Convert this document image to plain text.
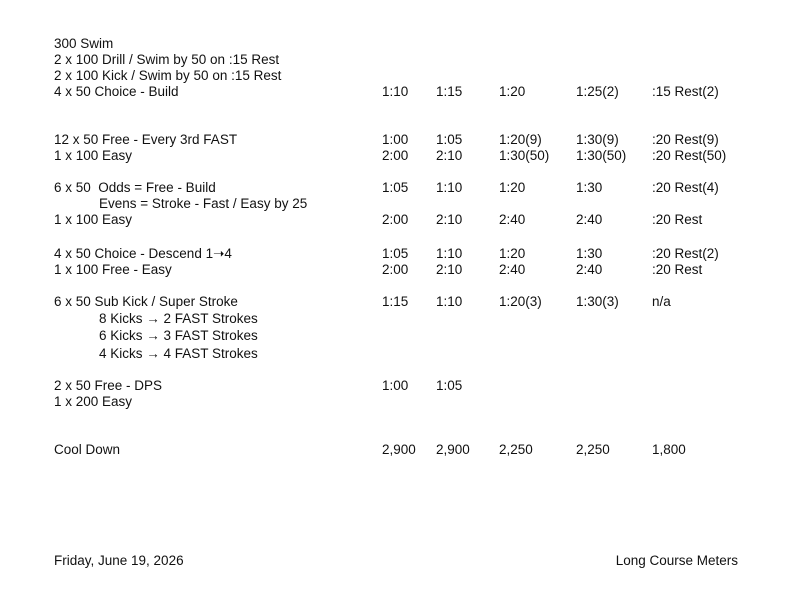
300 Swim
2 x 100 Drill / Swim by 50 on :15 Rest
2 x 100 Kick / Swim by 50 on :15 Rest
4 x 50 Choice - Build	1:10 1:15	1:20	1:25(2) :15 Rest(2)
12 x 50 Free - Every 3rd FAST	1:00 1:05	1:20(9)	1:30(9) :20 Rest(9)
1 x 100 Easy	2:00 2:10	1:30(50) 1:30(50) :20 Rest(50)
6 x 50  Odds = Free - Build	1:05 1:10	1:20	1:30	:20 Rest(4)
Evens = Stroke - Fast / Easy by 25
1 x 100 Easy	2:00 2:10	2:40	2:40	:20 Rest
4 x 50 Choice - Descend 1➝4	1:05 1:10	1:20	1:30	:20 Rest(2)
1 x 100 Free - Easy	2:00 2:10	2:40	2:40	:20 Rest
6 x 50 Sub Kick / Super Stroke	1:15 1:10	1:20(3)	1:30(3) n/a
8 Kicks → 2 FAST Strokes
6 Kicks → 3 FAST Strokes
4 Kicks → 4 FAST Strokes
2 x 50 Free - DPS	1:00 1:05
1 x 200 Easy
Cool Down	2,900 2,900 2,250	2,250	1,800
Friday, June 19, 2026	Long Course Meters
